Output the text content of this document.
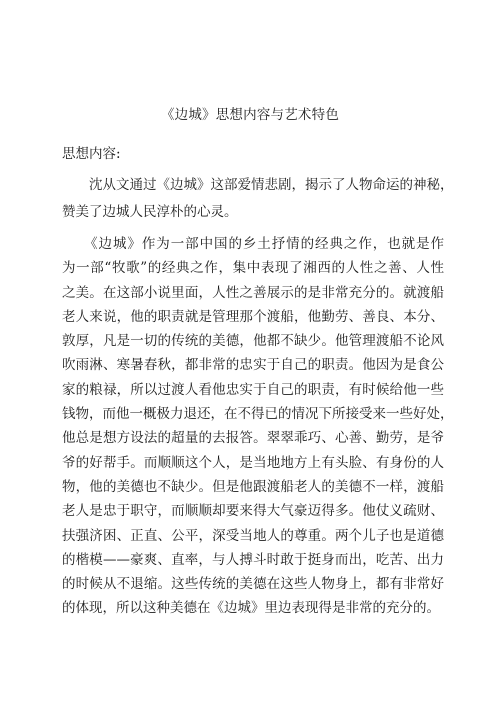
《边城》思想内容与艺术特色
思想内容:

　　沈从文通过《边城》这部爱情悲剧，揭示了人物命运的神秘，
赞美了边城人民淳朴的心灵。

　　《边城》作为一部中国的乡土抒情的经典之作，也就是作
为一部“牧歌”的经典之作，集中表现了湘西的人性之善、人性
之美。在这部小说里面，人性之善展示的是非常充分的。就渡船
老人来说，他的职责就是管理那个渡船，他勤劳、善良、本分、
敦厚，凡是一切的传统的美德，他都不缺少。他管理渡船不论风
吹雨淋、寒暑春秋，都非常的忠实于自己的职责。他因为是食公
家的粮禄，所以过渡人看他忠实于自己的职责，有时候给他一些
钱物，而他一概极力退还，在不得已的情况下所接受来一些好处，
他总是想方设法的超量的去报答。翠翠乖巧、心善、勤劳，是爷
爷的好帮手。而顺顺这个人，是当地地方上有头脸、有身份的人
物，他的美德也不缺少。但是他跟渡船老人的美德不一样，渡船
老人是忠于职守，而顺顺却要来得大气豪迈得多。他仗义疏财、
扶强济困、正直、公平，深受当地人的尊重。两个儿子也是道德
的楷模——豪爽、直率，与人搏斗时敢于挺身而出，吃苦、出力
的时候从不退缩。这些传统的美德在这些人物身上，都有非常好
的体现，所以这种美德在《边城》里边表现得是非常的充分的。
